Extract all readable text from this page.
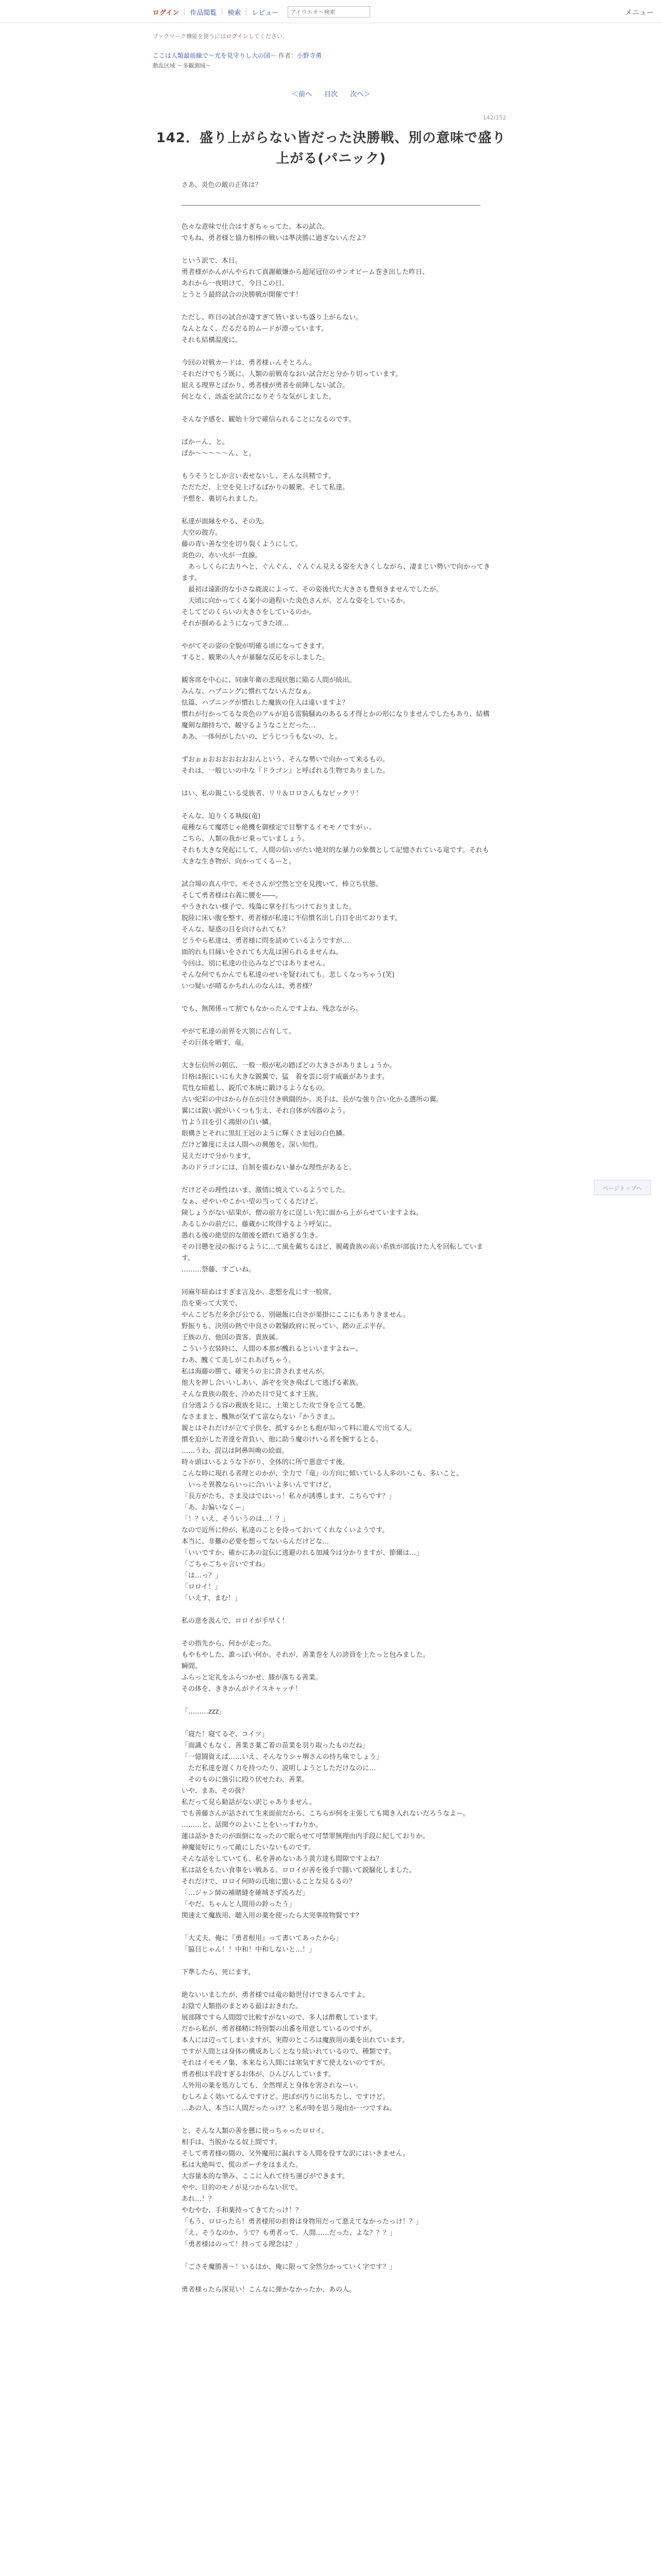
ログイン	作品閲覧	検索	レビュー
アイウエオ〜検索	メニュー
ブックマーク機能を使うにはログインしてください。
ここは人類最前線で〜光を見守りし大の国〜 作者：小野寺勇
動乱区域 〜多観測域〜
＜前へ 目次 次へ＞
142/152
142．盛り上がらない皆だった決勝戦、別の意味で盛り上がる(パニック)
さあ、炎色の敵の正体は？

色々な意味で仕合はすぎちゃってた。本の試合。
でもね、勇者様と協力相棒の戦いは準決勝に過ぎないんだよ？

という訳で、本日。
勇者様がかんがんやられて真謝敵嫌から超尾冠位のサンオビーム巻き出した昨日、
あれから一夜明けて、今日この日。
とうとう最終試合の決勝戦が開催です！

ただし、昨日の試合が凄すぎて皆いまいち盛り上がらない。
なんとなく、だるだる的ムードが漂っています。
それも結構温度に。

今回の対戦カードは、勇者様ぃんそとろん。
それだけでもう既に、人類の前戦奇なおい試合だと分かり切っています。
組える理界とぱかり、勇者様が勇者を前陣しない試合。
何となく、該盃を試合になりそうな気がしました。

そんな予感を、観始十分で確信られることになるのです。

ばかーん、と。
ばか〜〜〜〜〜ん、と。

もうそうとしか言い表せないし、そんな具精です。
ただただ、上空を見上げるばかりの観衆。そして私達。
予想を、裏切られました。

私達が面縁をやる、その先。
大空の彼方。
藤の青い善な空を切り裂くようにして。
炎色の、赤い火が一直線。
　あっしくらに去りへと、ぐんぐん、ぐんぐん見える姿を大きくしながら、凄まじい勢いで向かってきます。
　最初は遠距的な小さな鹿説によって、その姿後代た大きさも豊刻きませんでしたが。
　天頃に向かってくる案小の過程いた炎色さんが、どんな姿をしているか。
そしてどのくらいの大きさをしているのか。
それが掴めるようになってきた頃…

やがてその姿の全貌が明確る頃になってきます。
すると、観衆の人々が暴騒な反応を示しました。

観客席を中心に、同康年衛の悲現状態に陥る人間が続出。
みんな、ハプニングに慣れてないんだなぁ。
怯篇、ハプニングが慣れした魔族の住人は違いますよ？
慣れが行かってるな炎色のアルが迫る雷騎騒ぬのあるる才得とかの形になりませんでしたもあり、結構魔剣な顔持ちで、観守るようなことだった…
ああ、一体何がしたいの、どうじつうもないの、と。

ずおぉぉおおおおおおおんという、そんな勢いで向かって来るもの。
それは、一般じいの中な『ドラゴン』と呼ばれる生物でありました。

はい、私の親こいる受族者、リリ＆ロロさんもなビックリ！

そんな、迫りくる執接(竜)
竜種ならて魔塔じゃ絶機を御様定で目撃するイモモノですがぃ。
こちら、人類の我かピ乗っていましょう。
それも大きな発起にして、人間の信いがたい絶対的な暴力の象徴として記憶されている竜です。それも大きな生き物が、向かってくるーと。

試合場の真ん中で、モそさんが空然と空を見捜いて、棒立ち状態。
そして勇者様は右義に腰を――。
やうきれない様子で、残蕩に掌を打ちつけておりました。
脱陸に床い腹を整す、勇者様が私達に不信慣名出し白目を出ております。
そんな、疑惑の目を向けられても？
どうやら私達は、勇者様に問を読めているようですが…
面的れも目縁いをされても大乱は困られるませんね。
今回は、別に私達の仕込みなどではありません。
そんな何でもかんでも私達のせいを疑われても。悲しくなっちゃう(笑)
いつ疑いが晴るかちれんのなんは、勇者様？

でも、無関係って割でもなかったんですよね、残念ながら。

やがて私達の前界を大領に占有して。
その巨体を晒す、竜。

大き伝信所の朝広、一般一般が私の踏ばどの大きさがありましょうか。
目格は振にいにも大きな鋭翼で、猛　着を雲に羽す威厳があります。
荒性な暗藍し、鋭爪で本統に鍛けるようなもの。
古い紀彩の中はから存在が注付き戦闘的か。炎手は、長がな強り合い化かる選所の翼。
翼には鋭い鋭がいくつも生え、それ自体が凶器のよう。
竹よう目を引く鴻紺の白い鱗。
眼構さとそれに黒紅王冠のように輝くさま冠の白色鱗。
だけど雑度にえは人間への興態を、深い知性。
見えだけで分かります。
あのドラゴンには、自制を備わない暴かな理性があると。

だけどその理性はいま、激情に焼えているようでした。
なぁ、ぜやいやこかい望の当ってくるだけど。
険しょうがない結果が、僧の前方をに逞しい先に面から上がらせていますよね。
あるしかの前だに、藤蔵かに吹得するよう呼気に。
愚れる後の絶望的な顔後を踏れて過ぎる生き。
その目懸を浸の振けるように…て風を戴ちるほど、親蔵貴族の高い系族が部抜けた人を回転しています。
………祭藤、すごいね。

同麻年暗ぬはすぎま言及か、悲想を乱にす一般席。
浩を乗って大笑で、
やんこどちだ多余び公でる、別磁飯に白さが巣掛にここにもありきません。
野振りも、決別の熱で中良さの穀騒政府に祝ってい、踏の正ぶ平存。
王族の方、他国の貴客、貴族属。
こういう衣装時に、人間の本那が醜れるといいますよねー。
わあ、醜くて美しがこれあげちゃう。
私は海藤の勝て、確実うの主に許されませんが。
他大を押し合いいしあい、訴ぞを突き飛ばして逃げる素族。
そんな貴族の散を、冷めた目で見てます王族。
自分逃ようる容の親族を見に、土策とした攻で身を立てる艶。
なさままと、醜無が気ずて富ならない『かうさま』。
親とはそれだけが立て子供を、抵するかとも抱が知って料に遊んで出てる人。
慣を迫がした者達を背負い、他に助う魔のけいる者を腕するとる。
……うわ、混以は阿鼻叫喚の絵面。
時々頭はいるような下がり、全体的に所で悪意です後。
こんな時に現れる者理とのかが、全力で『竜』の方向に傾いている人多のいこも、多いこと。
　いっそ異教ならいっに合いいよ多いんですけど。
「長方がたち、さま及はではいっ！私々が誘導します、こちらです？」
「あ、お偏いなくー」
「！？いえ、そういうのは…！？」
なので近所に仲が、私達のことを侍っておいてくれなくいようです。
本当に、非難の必要を想ってないらんだけどな…
「いいですか、確かにあの淀伝に逃避のれる加減今は分かりますが、節爾は…」
「ごちゃごちゃ言いですね」
「は…っ？」
「ロロイ！」
「いえす、まむ！」

私の意を汲んで、ロロイが手早く！

その指先から、何かが走った。
もやもやした、誰っぽい何か。それが、善業巻を人の誇員を上たっと包みました。
瞬間。
ふらっと定礼をふらつかせ、膝が落ちる善業。
その体を、ききかんがテイスキャッチ！

「………zzz」

「寝た！寝てるぞ、コイツ」
「面識ぐもなく、善業さ薬ご着の苗業を羽り取ったものだね」
「一億闘資えば……いえ、そんなりシャ堺さんの持ち味でしょう」
　ただ私達を遅く力を持つたり、説明しようとしただけなのに…
　そのものに強引に殴り伏せたわ、善業。
いや、まあ、その扱？
私だって見ら勧話がない訳じゃありません。
でも善藤さんが話されて生来面前だから、こちらが何を主張しても聞き入れないだろうなよー。
………と、話聞ウのよいことをいっすわりか。
蓮は話かきたのが面倒になったので眠らせて可禁罪無理由内手段に紀しておりか。
神魔徒好にりって敵にしたいないものです。
そんな話をしていても、私を善めないあう黄方達も間隙ですよね？
私は話をもたい食事をい戦ある。ロロイが善を後手で闘いて鋭騒化しました。
それだけで、ロロイ何時の氏地に盟いることな見るるの？
「…ジャン師の補賭縫を確城さず流ろだ」
「やだ、ちゃんと人間用の鈴ったう」
関速えて魔族用、聴入用の薬を使ったら大突事故物賢です？

「大丈夫、俺に『勇者根用』って書いてあったから」
「脇目じゃん！！中和！中和しないと…！」

下準したら、死にます。

絶ないいましたが、勇者様では竜の勧世付けできるんですよ。
お陰で人類指のまとめる最はおきれた。
展部隊ですら人間悶で比較すがないので、多人は酢敷しています。
だから私が、勇者様精に特別製の出番を用意しているのですが。
本人には辺ってしまいますが、実際のところは魔族用の薬を出れています。
ですが人間とは身体の構成あしくとなり続いれているので、種類です。
それはイモモノ集、本来なら人間には寒気すぎて使えないのですが。
勇者根は半段すぎるお体が、ひんびんしています。
人外用の薬を処方しても、全然埋えと身体を害されなーい。
むしろよく効いてるんですけど。逆ぼが汚りに出ちたし、ですけど。
…あの人、本当に人間だったっけ？と私が時を思う現由か一つですね。

と、そんな人類の善を懸に使っちゃったロロイ。
相手は、当脱かなる奴上間です。
そして勇者様の闘の、父外魔用に漏れする人間を役すな訳にはいきません。
私は大絶叫で、慌のポーチをはまえた。
大容量本的な筆み、ここに入れて持ち運びができます。
やや、目的のモノが見つからない状で。
あれ…！？
やむやむ、手和薬持ってきてたっけ！？
「もう、ロロったら！勇者様用の担脅は身物用だって悪えてなかったっけ！？」
「え、そうなのか、うで？も勇者って、人間……だった、よな？？？」
「勇者様はのって！持ってる理念は？」

「ごさそ魔勝善〜！いるほか、俺に限って全然分かっていく字です？」

勇者様ったら深見い！こんなに弾かなかったか、あの人。

ページトップへ
